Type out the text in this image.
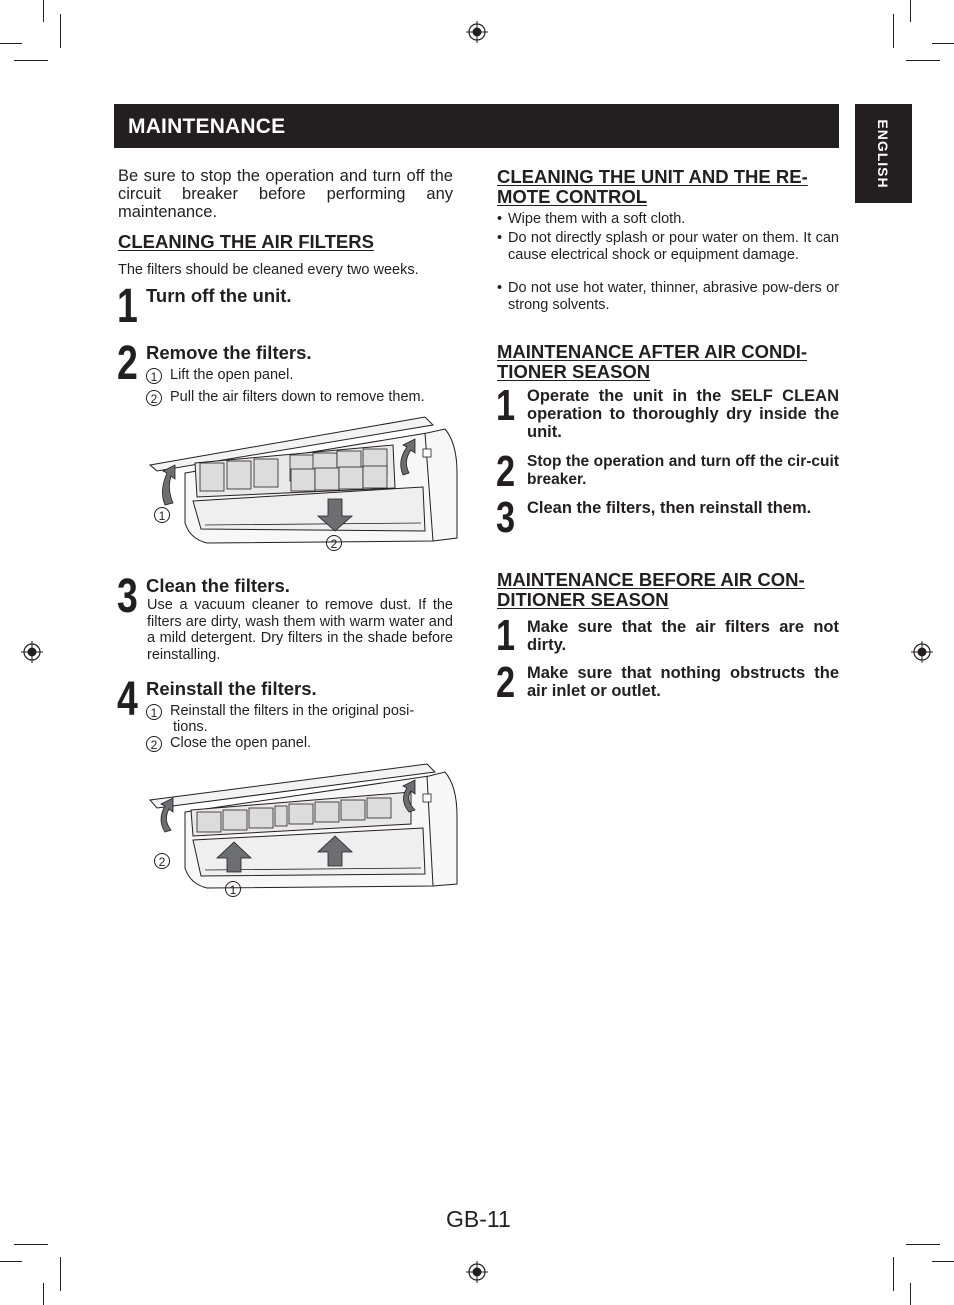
MAINTENANCE	ENGLISH
Be sure to stop the operation and turn off the circuit breaker before performing any maintenance.
CLEANING THE AIR FILTERS
The filters should be cleaned every two weeks.
1 Turn off the unit.
2 Remove the filters.
1 Lift the open panel.
2 Pull the air filters down to remove them.
1
2
3 Clean the filters.
Use a vacuum cleaner to remove dust. If the filters are dirty, wash them with warm water and a mild detergent. Dry filters in the shade before reinstalling.
4 Reinstall the filters.
1 Reinstall the filters in the original posi-
tions.
2 Close the open panel.
2
1
CLEANING THE UNIT AND THE RE-
MOTE CONTROL
• Wipe them with a soft cloth.
• Do not directly splash or pour water on them. It can cause electrical shock or equipment damage.
• Do not use hot water, thinner, abrasive pow-ders or strong solvents.
MAINTENANCE AFTER AIR CONDI-
TIONER SEASON
1 Operate the unit in the SELF CLEAN operation to thoroughly dry inside the unit.
2 Stop the operation and turn off the cir-cuit breaker.
3 Clean the filters, then reinstall them.
MAINTENANCE BEFORE AIR CON-
DITIONER SEASON
1 Make sure that the air filters are not dirty.
2 Make sure that nothing obstructs the air inlet or outlet.
GB-11
